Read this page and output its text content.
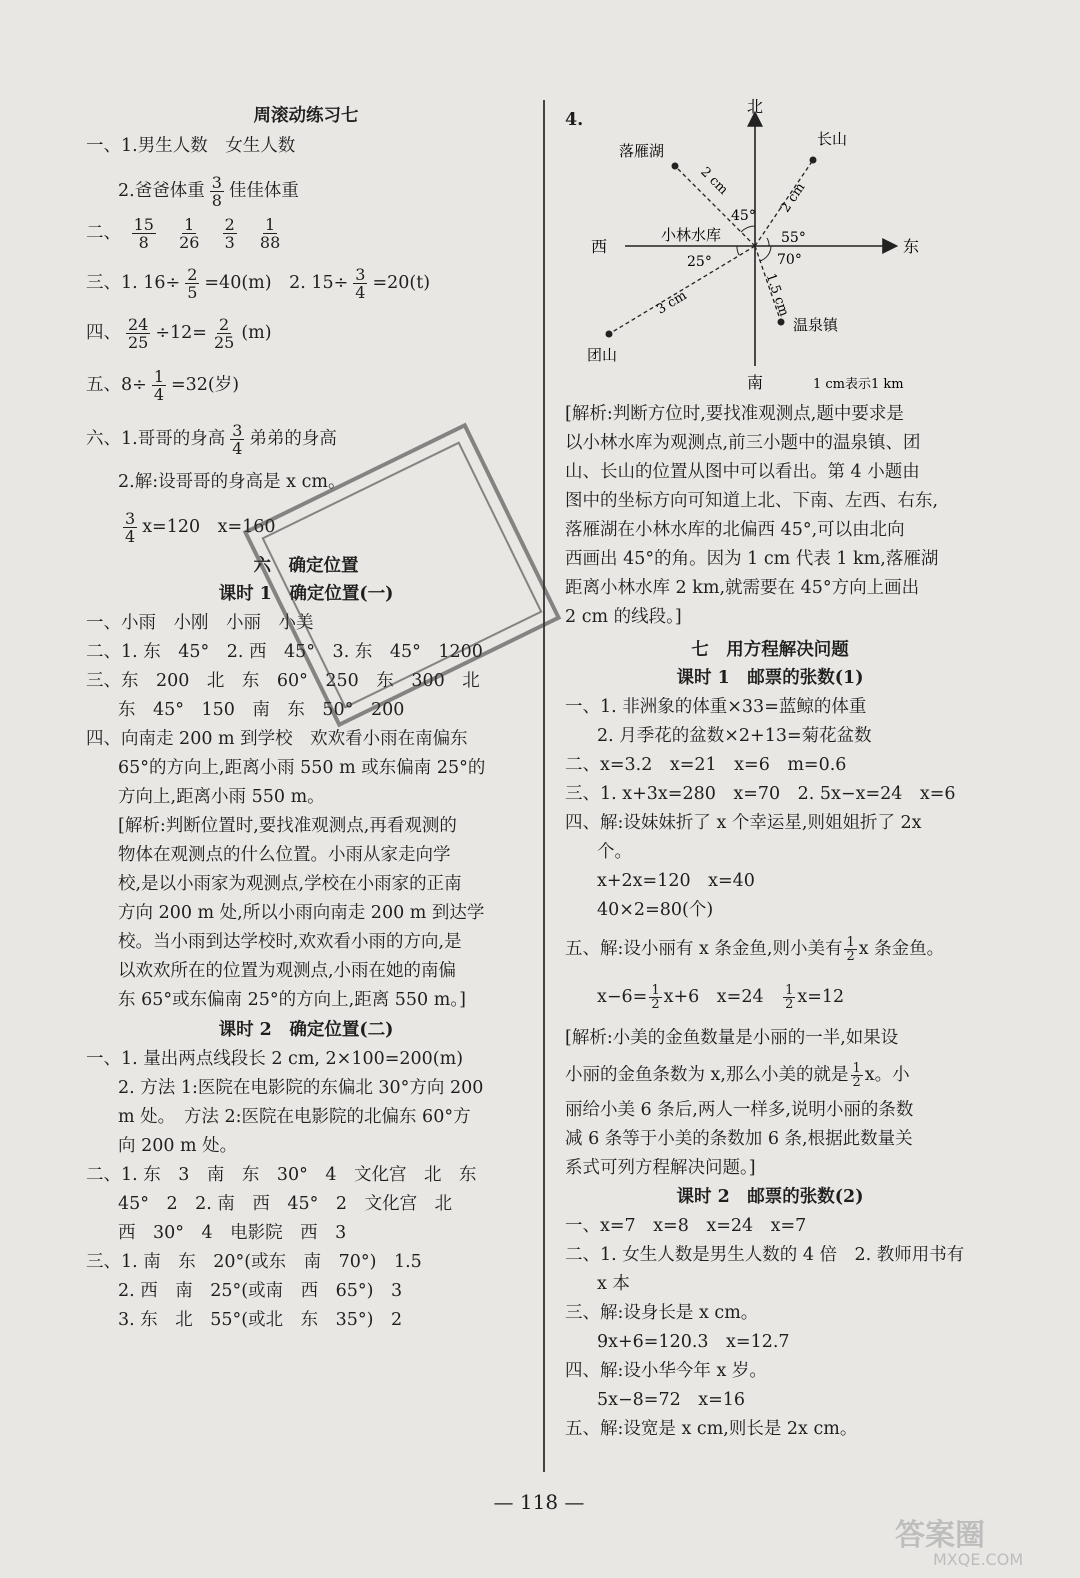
周滚动练习七
一、1.男生人数　女生人数
2.爸爸体重 $\frac{3}{8}$ 佳佳体重
二、 $\frac{15}{8}$
$\frac{1}{26}$
$\frac{2}{3}$
$\frac{1}{88}$
三、1. $16\div \frac{2}{5} =40(m)$　2. $15\div \frac{3}{4} =20(t)$
四、 $\frac{24}{25} \div 12= \frac{2}{25} (m)$
五、$8\div \frac{1}{4} =32$(岁)
六、1.哥哥的身高 $\frac{3}{4}$ 弟弟的身高
2.解:设哥哥的身高是 x cm。
$\frac{3}{4} x=120$　x=160
六　确定位置
课时 1　确定位置(一)
一、小雨　小刚　小丽　小美
二、1. 东　45°　2. 西　45°　3. 东　45°　1200
三、东　200　北　东　60°　250　东　300　北
东　45°　150　南　东　50°　200
四、向南走 200 m 到学校　欢欢看小雨在南偏东
65°的方向上,距离小雨 550 m 或东偏南 25°的
方向上,距离小雨 550 m。
[解析:判断位置时,要找准观测点,再看观测的
物体在观测点的什么位置。小雨从家走向学
校,是以小雨家为观测点,学校在小雨家的正南
方向 200 m 处,所以小雨向南走 200 m 到达学
校。当小雨到达学校时,欢欢看小雨的方向,是
以欢欢所在的位置为观测点,小雨在她的南偏
东 65°或东偏南 25°的方向上,距离 550 m。]
课时 2　确定位置(二)
一、1. 量出两点线段长 2 cm, 2×100=200(m)
2. 方法 1:医院在电影院的东偏北 30°方向 200
m 处。　方法 2:医院在电影院的北偏东 60°方
向 200 m 处。
二、1. 东　3　南　东　30°　4　文化宫　北　东
45°　2　2. 南　西　45°　2　文化宫　北
西　30°　4　电影院　西　3
三、1. 南　东　20°(或东　南　70°)　1.5
2. 西　南　25°(或南　西　65°)　3
3. 东　北　55°(或北　东　35°)　2
4.
北
南
东
西
落雁湖
长山
团山
温泉镇
小林水库
2 cm	2 cm
3 cm	1.5 cm
45°
55°
25°	70°
1 cm表示1 km
[解析:判断方位时,要找准观测点,题中要求是
以小林水库为观测点,前三小题中的温泉镇、团
山、长山的位置从图中可以看出。第 4 小题由
图中的坐标方向可知道上北、下南、左西、右东,
落雁湖在小林水库的北偏西 45°,可以由北向
西画出 45°的角。因为 1 cm 代表 1 km,落雁湖
距离小林水库 2 km,就需要在 45°方向上画出
2 cm 的线段。]
七　用方程解决问题
课时 1　邮票的张数(1)
一、1. 非洲象的体重×33=蓝鲸的体重
2. 月季花的盆数×2+13=菊花盆数
二、x=3.2　x=21　x=6　m=0.6
三、1. x+3x=280　x=70　2. 5x−x=24　x=6
四、解:设妹妹折了 x 个幸运星,则姐姐折了 2x
个。
x+2x=120　x=40
40×2=80(个)
五、解:设小丽有 x 条金鱼,则小美有 $\frac{1}{2}$ x 条金鱼。
$x-6= \frac{1}{2} x+6$　x=24　 $\frac{1}{2} x=12$
[解析:小美的金鱼数量是小丽的一半,如果设
小丽的金鱼条数为 x,那么小美的就是 $\frac{1}{2}$ x。小
丽给小美 6 条后,两人一样多,说明小丽的条数
减 6 条等于小美的条数加 6 条,根据此数量关
系式可列方程解决问题。]
课时 2　邮票的张数(2)
一、x=7　x=8　x=24　x=7
二、1. 女生人数是男生人数的 4 倍　2. 教师用书有
x 本
三、解:设身长是 x cm。
9x+6=120.3　x=12.7
四、解:设小华今年 x 岁。
5x−8=72　x=16
五、解:设宽是 x cm,则长是 2x cm。
— 118 —
答案圈
MXQE.COM
